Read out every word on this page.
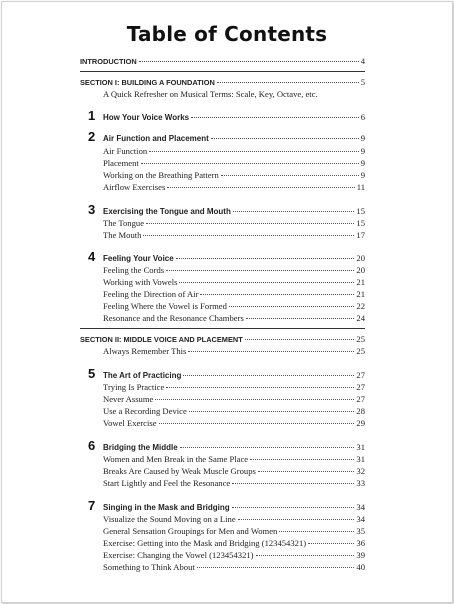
Table of Contents
INTRODUCTION	4
SECTION I: BUILDING A FOUNDATION	5
A Quick Refresher on Musical Terms: Scale, Key, Octave, etc.
1 How Your Voice Works	6
2 Air Function and Placement	9
Air Function	9
Placement	9
Working on the Breathing Pattern	9
Airflow Exercises	11
3 Exercising the Tongue and Mouth	15
The Tongue	15
The Mouth	17
4 Feeling Your Voice	20
Feeling the Cords	20
Working with Vowels	21
Feeling the Direction of Air	21
Feeling Where the Vowel is Formed	22
Resonance and the Resonance Chambers	24
SECTION II: MIDDLE VOICE AND PLACEMENT	25
Always Remember This	25
5 The Art of Practicing	27
Trying Is Practice	27
Never Assume	27
Use a Recording Device	28
Vowel Exercise	29
6 Bridging the Middle	31
Women and Men Break in the Same Place	31
Breaks Are Caused by Weak Muscle Groups	32
Start Lightly and Feel the Resonance	33
7 Singing in the Mask and Bridging	34
Visualize the Sound Moving on a Line	34
General Sensation Groupings for Men and Women	35
Exercise: Getting into the Mask and Bridging (123454321)	36
Exercise: Changing the Vowel (123454321)	39
Something to Think About	40
